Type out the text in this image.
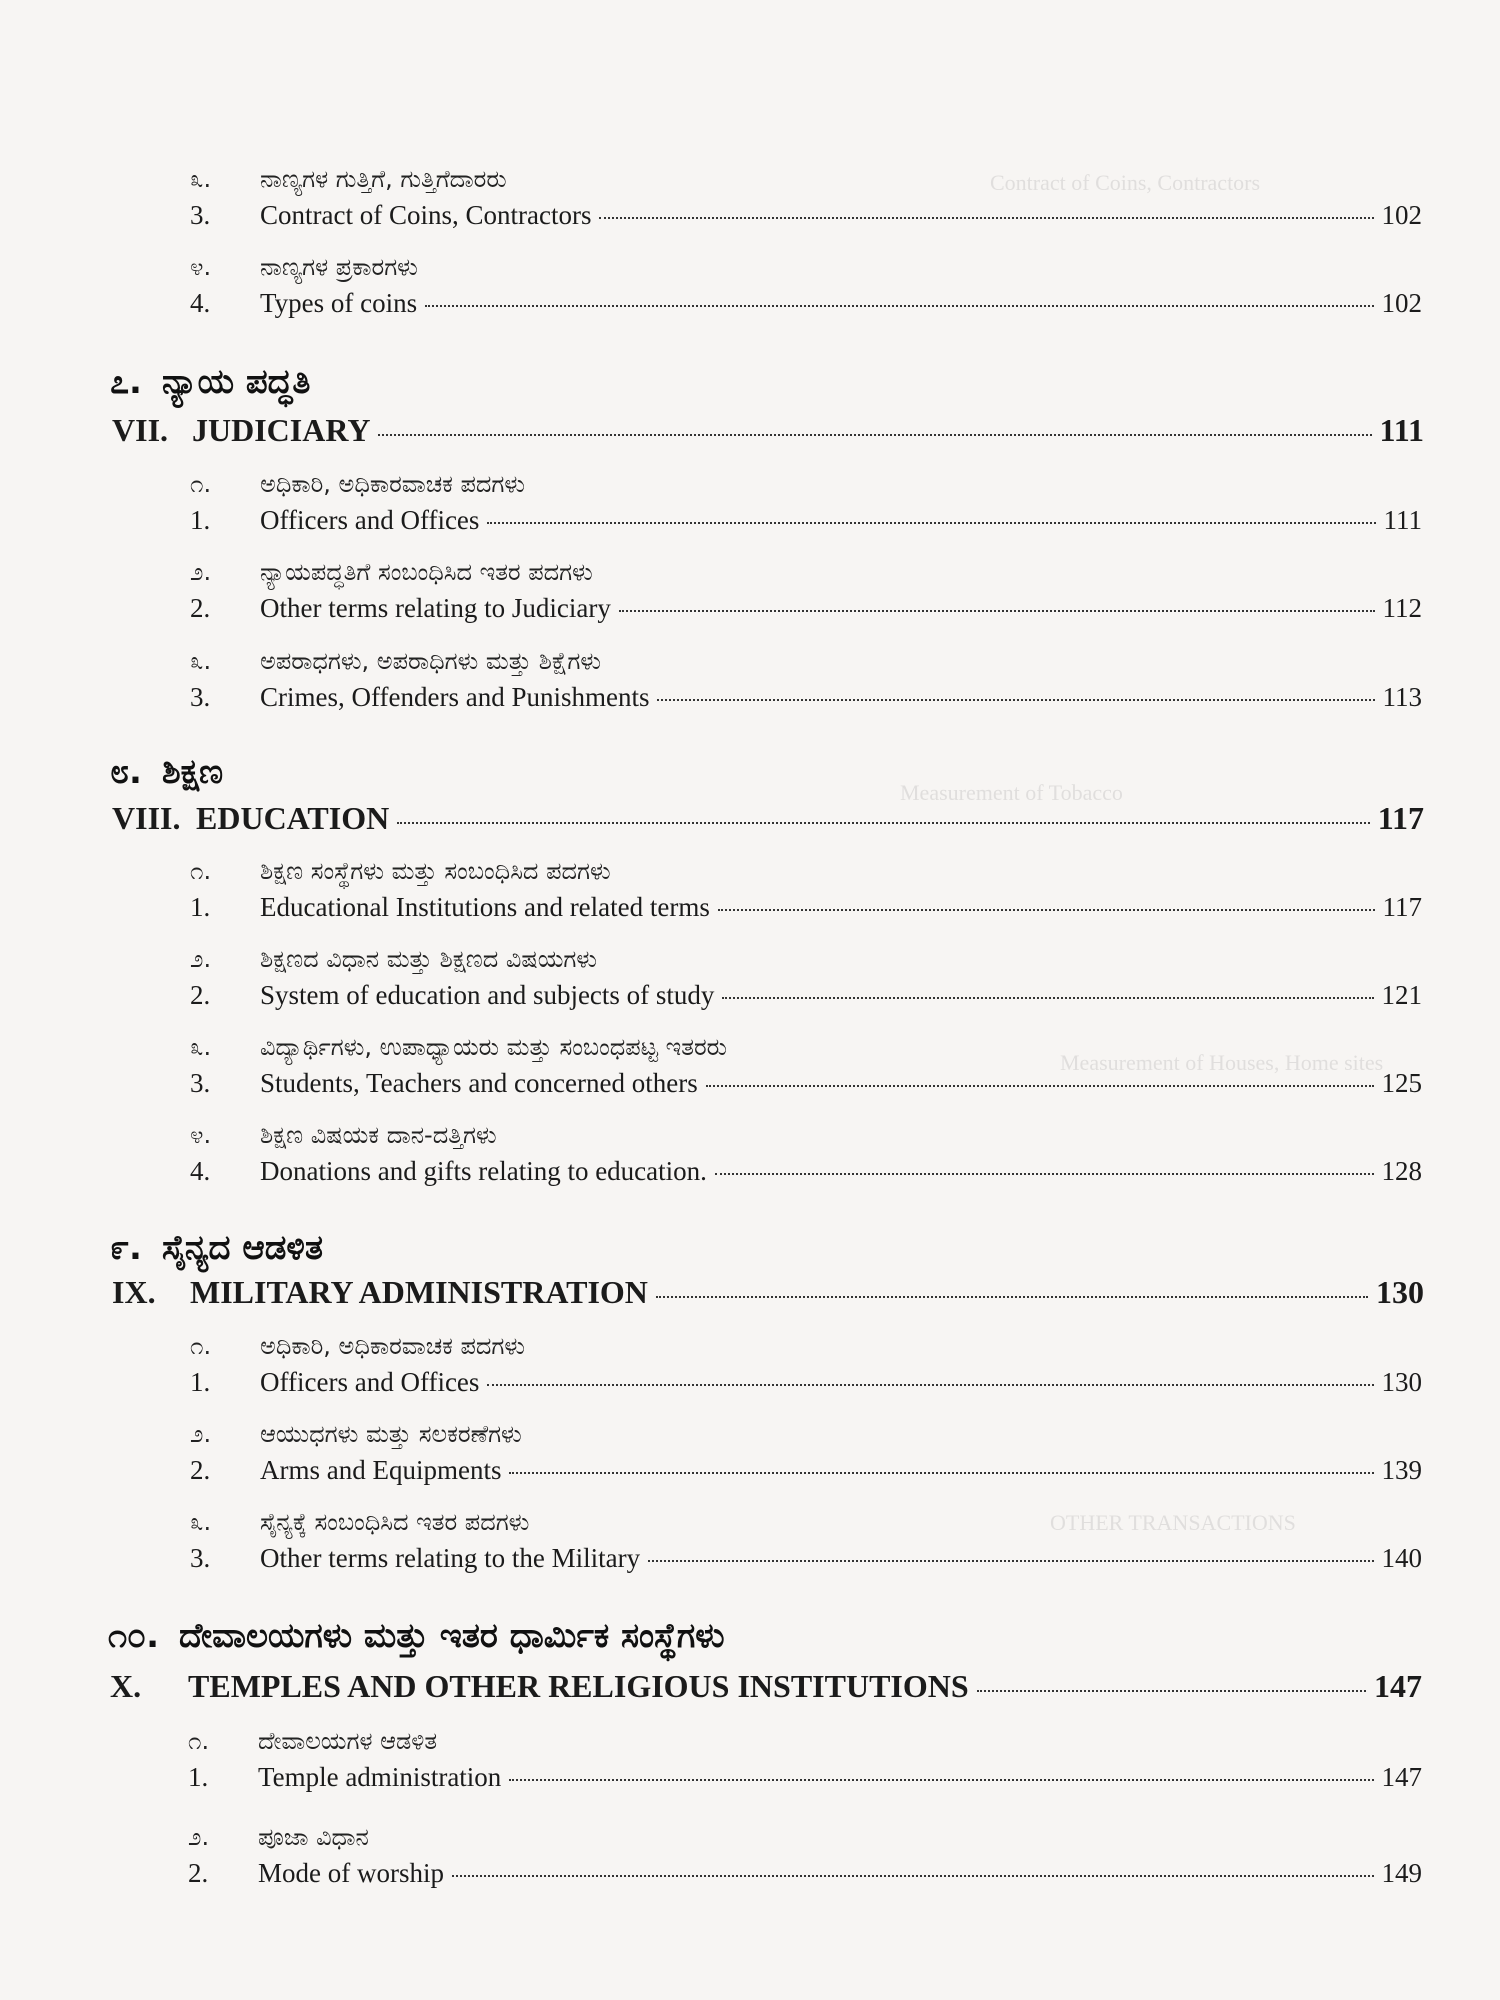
Contract of Coins, Contractors
Measurement of Tobacco
Measurement of Houses, Home sites
OTHER TRANSACTIONS
೩. ನಾಣ್ಯಗಳ ಗುತ್ತಿಗೆ, ಗುತ್ತಿಗೆದಾರರು
3.	Contract of Coins, Contractors	102
೪. ನಾಣ್ಯಗಳ ಪ್ರಕಾರಗಳು
4.	Types of coins	102
೭. ನ್ಯಾಯ ಪದ್ಧತಿ
VII. JUDICIARY	111
೧. ಅಧಿಕಾರಿ, ಅಧಿಕಾರವಾಚಕ ಪದಗಳು
1.	Officers and Offices	111
೨. ನ್ಯಾಯಪದ್ಧತಿಗೆ ಸಂಬಂಧಿಸಿದ ಇತರ ಪದಗಳು
2.	Other terms relating to Judiciary	112
೩. ಅಪರಾಧಗಳು, ಅಪರಾಧಿಗಳು ಮತ್ತು ಶಿಕ್ಷೆಗಳು
3.	Crimes, Offenders and Punishments	113
೮. ಶಿಕ್ಷಣ
VIII. EDUCATION	117
೧. ಶಿಕ್ಷಣ ಸಂಸ್ಥೆಗಳು ಮತ್ತು ಸಂಬಂಧಿಸಿದ ಪದಗಳು
1.	Educational Institutions and related terms	117
೨. ಶಿಕ್ಷಣದ ವಿಧಾನ ಮತ್ತು ಶಿಕ್ಷಣದ ವಿಷಯಗಳು
2.	System of education and subjects of study	121
೩. ವಿದ್ಯಾರ್ಥಿಗಳು, ಉಪಾಧ್ಯಾಯರು ಮತ್ತು ಸಂಬಂಧಪಟ್ಟ ಇತರರು
3.	Students, Teachers and concerned others	125
೪. ಶಿಕ್ಷಣ ವಿಷಯಕ ದಾನ-ದತ್ತಿಗಳು
4.	Donations and gifts relating to education.	128
೯. ಸೈನ್ಯದ ಆಡಳಿತ
IX.	MILITARY ADMINISTRATION	130
೧. ಅಧಿಕಾರಿ, ಅಧಿಕಾರವಾಚಕ ಪದಗಳು
1.	Officers and Offices	130
೨. ಆಯುಧಗಳು ಮತ್ತು ಸಲಕರಣೆಗಳು
2.	Arms and Equipments	139
೩. ಸೈನ್ಯಕ್ಕೆ ಸಂಬಂಧಿಸಿದ ಇತರ ಪದಗಳು
3.	Other terms relating to the Military	140
೧೦. ದೇವಾಲಯಗಳು ಮತ್ತು ಇತರ ಧಾರ್ಮಿಕ ಸಂಸ್ಥೆಗಳು
X.	TEMPLES AND OTHER RELIGIOUS INSTITUTIONS	147
೧. ದೇವಾಲಯಗಳ ಆಡಳಿತ
1.	Temple administration	147
೨. ಪೂಜಾ ವಿಧಾನ
2.	Mode of worship	149
